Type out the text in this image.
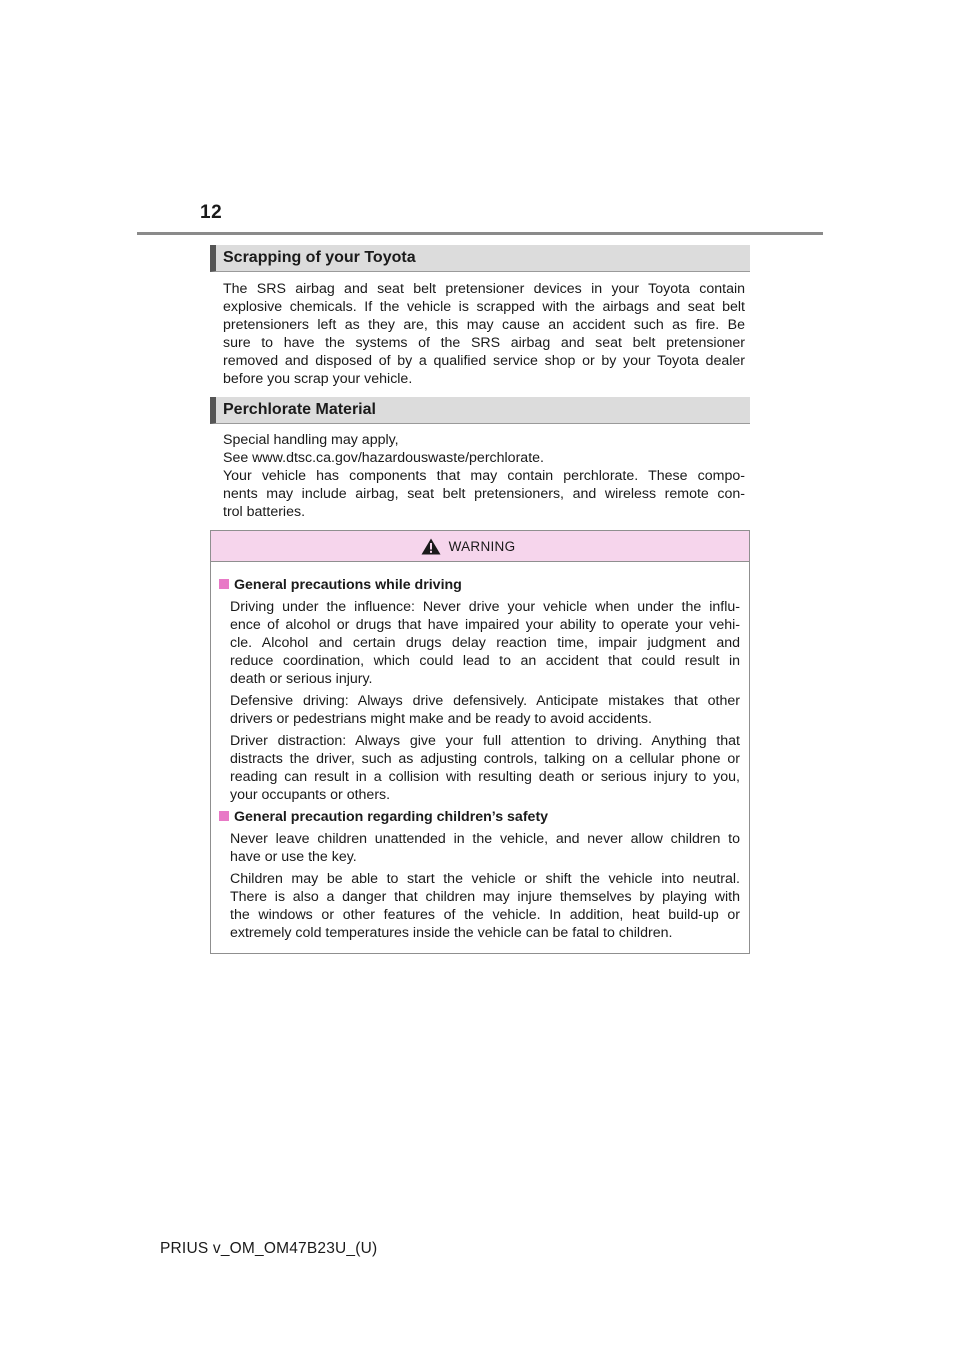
12
Scrapping of your Toyota

The SRS airbag and seat belt pretensioner devices in your Toyota contain
explosive chemicals. If the vehicle is scrapped with the airbags and seat belt
pretensioners left as they are, this may cause an accident such as fire. Be
sure to have the systems of the SRS airbag and seat belt pretensioner
removed and disposed of by a qualified service shop or by your Toyota dealer
before you scrap your vehicle.

Perchlorate Material

Special handling may apply,
See www.dtsc.ca.gov/hazardouswaste/perchlorate.
Your vehicle has components that may contain perchlorate. These compo-
nents may include airbag, seat belt pretensioners, and wireless remote con-
trol batteries.

WARNING
General precautions while driving
Driving under the influence: Never drive your vehicle when under the influ-
ence of alcohol or drugs that have impaired your ability to operate your vehi-
cle. Alcohol and certain drugs delay reaction time, impair judgment and
reduce coordination, which could lead to an accident that could result in
death or serious injury.
Defensive driving: Always drive defensively. Anticipate mistakes that other
drivers or pedestrians might make and be ready to avoid accidents.
Driver distraction: Always give your full attention to driving. Anything that
distracts the driver, such as adjusting controls, talking on a cellular phone or
reading can result in a collision with resulting death or serious injury to you,
your occupants or others.
General precaution regarding children’s safety
Never leave children unattended in the vehicle, and never allow children to
have or use the key.
Children may be able to start the vehicle or shift the vehicle into neutral.
There is also a danger that children may injure themselves by playing with
the windows or other features of the vehicle. In addition, heat build-up or
extremely cold temperatures inside the vehicle can be fatal to children.
PRIUS v_OM_OM47B23U_(U)
